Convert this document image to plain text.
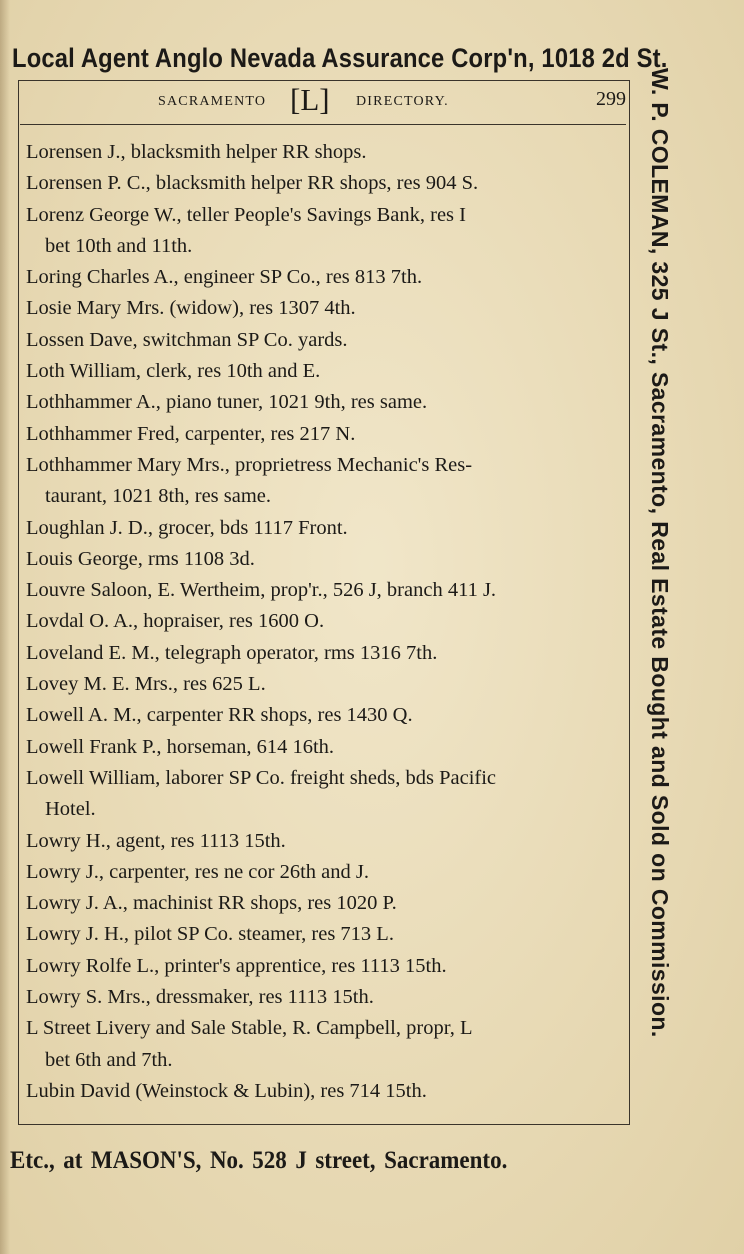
Local Agent Anglo Nevada Assurance Corp'n, 1018 2d St.
SACRAMENTO [L] DIRECTORY.	299
Lorensen J., blacksmith helper RR shops.
Lorensen P. C., blacksmith helper RR shops, res 904 S.
Lorenz George W., teller People's Savings Bank, res I
bet 10th and 11th.
Loring Charles A., engineer SP Co., res 813 7th.
Losie Mary Mrs. (widow), res 1307 4th.
Lossen Dave, switchman SP Co. yards.
Loth William, clerk, res 10th and E.
Lothhammer A., piano tuner, 1021 9th, res same.
Lothhammer Fred, carpenter, res 217 N.
Lothhammer Mary Mrs., proprietress Mechanic's Res-
taurant, 1021 8th, res same.
Loughlan J. D., grocer, bds 1117 Front.
Louis George, rms 1108 3d.
Louvre Saloon, E. Wertheim, prop'r., 526 J, branch 411 J.
Lovdal O. A., hopraiser, res 1600 O.
Loveland E. M., telegraph operator, rms 1316 7th.
Lovey M. E. Mrs., res 625 L.
Lowell A. M., carpenter RR shops, res 1430 Q.
Lowell Frank P., horseman, 614 16th.
Lowell William, laborer SP Co. freight sheds, bds Pacific
Hotel.
Lowry H., agent, res 1113 15th.
Lowry J., carpenter, res ne cor 26th and J.
Lowry J. A., machinist RR shops, res 1020 P.
Lowry J. H., pilot SP Co. steamer, res 713 L.
Lowry Rolfe L., printer's apprentice, res 1113 15th.
Lowry S. Mrs., dressmaker, res 1113 15th.
L Street Livery and Sale Stable, R. Campbell, propr, L
bet 6th and 7th.
Lubin David (Weinstock & Lubin), res 714 15th.
W. P. COLEMAN, 325 J St., Sacramento, Real Estate Bought and Sold on Commission.
Etc., at MASON'S, No. 528 J street, Sacramento.
